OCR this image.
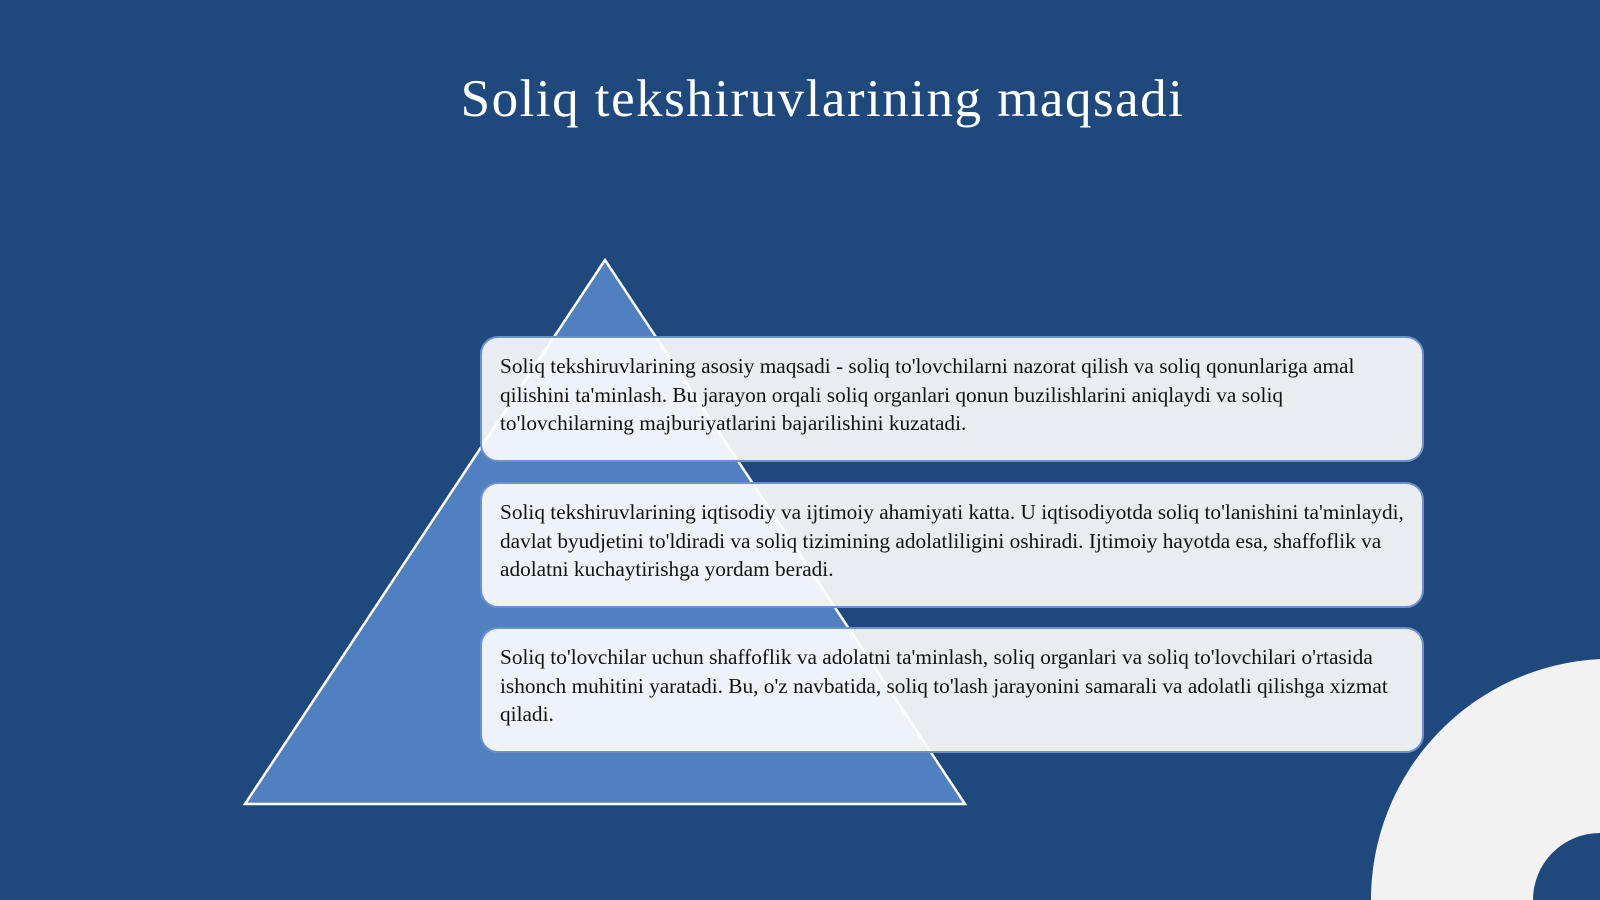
Soliq tekshiruvlarining maqsadi
Soliq tekshiruvlarining asosiy maqsadi - soliq to'lovchilarni nazorat qilish va soliq qonunlariga amal qilishini ta'minlash. Bu jarayon orqali soliq organlari qonun buzilishlarini aniqlaydi va soliq to'lovchilarning majburiyatlarini bajarilishini kuzatadi.
Soliq tekshiruvlarining iqtisodiy va ijtimoiy ahamiyati katta. U iqtisodiyotda soliq to'lanishini ta'minlaydi, davlat byudjetini to'ldiradi va soliq tizimining adolatliligini oshiradi. Ijtimoiy hayotda esa, shaffoflik va adolatni kuchaytirishga yordam beradi.
Soliq to'lovchilar uchun shaffoflik va adolatni ta'minlash, soliq organlari va soliq to'lovchilari o'rtasida ishonch muhitini yaratadi. Bu, o'z navbatida, soliq to'lash jarayonini samarali va adolatli qilishga xizmat qiladi.
